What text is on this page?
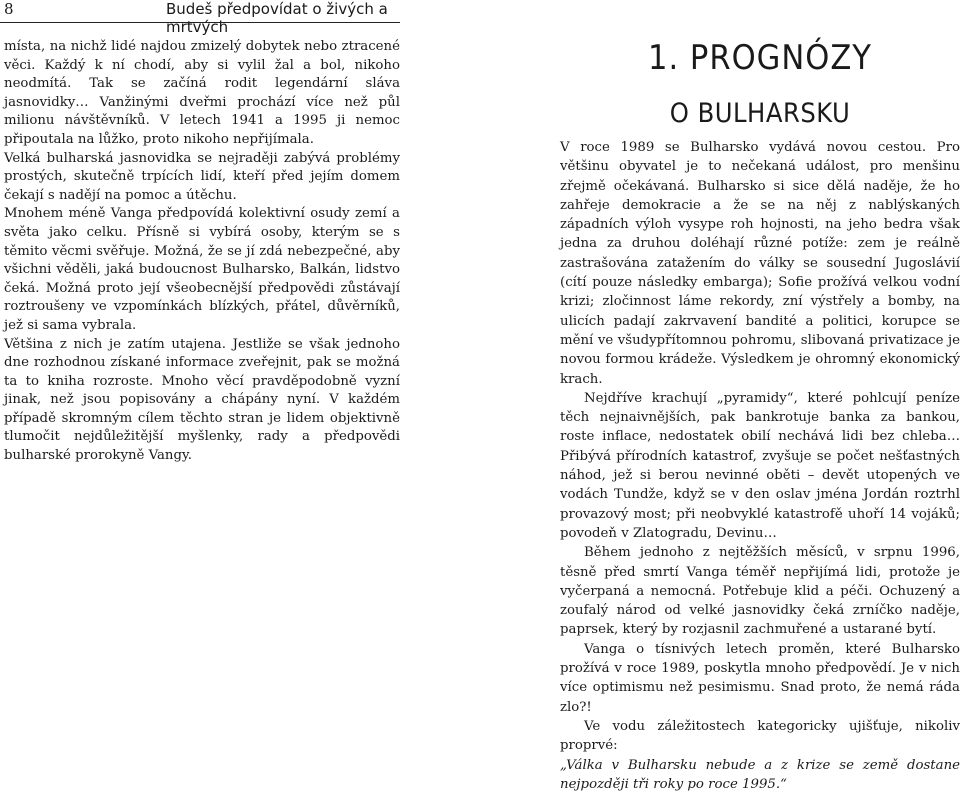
8	Budeš předpovídat o živých a mrtvých

místa, na nichž lidé najdou zmizelý dobytek nebo ztracené věci. Každý k ní chodí, aby si vylil žal a bol, nikoho neodmítá. Tak se začíná rodit legendární sláva jasnovidky… Vanžinými dveřmi prochází více než půl milionu návštěvníků. V letech 1941 a 1995 ji nemoc připoutala na lůžko, proto nikoho nepřijímala.

Velká bulharská jasnovidka se nejraději zabývá problémy prostých, skutečně trpících lidí, kteří před jejím domem čekají s nadějí na pomoc a útěchu.

Mnohem méně Vanga předpovídá kolektivní osudy zemí a světa jako celku. Přísně si vybírá osoby, kterým se s těmito věcmi svěřuje. Možná, že se jí zdá nebezpečné, aby všichni věděli, jaká budoucnost Bulharsko, Balkán, lidstvo čeká. Možná proto její všeobecnější předpovědi zůstávají roztroušeny ve vzpomínkách blízkých, přátel, důvěrníků, jež si sama vybrala.

Většina z nich je zatím utajena. Jestliže se však jednoho dne rozhodnou získané informace zveřejnit, pak se možná ta to kniha rozroste. Mnoho věcí pravděpodobně vyzní jinak, než jsou popisovány a chápány nyní. V každém případě skromným cílem těchto stran je lidem objektivně tlumočit nejdůležitější myšlenky, rady a předpovědi bulharské prorokyně Vangy.

1. PROGNÓZY
O BULHARSKU

V roce 1989 se Bulharsko vydává novou cestou. Pro většinu obyvatel je to nečekaná událost, pro menšinu zřejmě očekávaná. Bulharsko si sice dělá naděje, že ho zahřeje demokracie a že se na něj z nablýskaných západních výloh vysype roh hojnosti, na jeho bedra však jedna za druhou doléhají různé potíže: zem je reálně zastrašována zatažením do války se sousední Jugoslávií (cítí pouze následky embarga); Sofie prožívá velkou vodní krizi; zločinnost láme rekordy, zní výstřely a bomby, na ulicích padají zakrvavení bandité a politici, korupce se mění ve všudypřítomnou pohromu, slibovaná privatizace je novou formou krádeže. Výsledkem je ohromný ekonomický krach.

Nejdříve krachují „pyramidy“, které pohlcují peníze těch nejnaivnějších, pak bankrotuje banka za bankou, roste inflace, nedostatek obilí nechává lidi bez chleba… Přibývá přírodních katastrof, zvyšuje se počet nešťastných náhod, jež si berou nevinné oběti – devět utopených ve vodách Tundže, když se v den oslav jména Jordán roztrhl provazový most; při neobvyklé katastrofě uhoří 14 vojáků; povodeň v Zlatogradu, Devinu…

Během jednoho z nejtěžších měsíců, v srpnu 1996, těsně před smrtí Vanga téměř nepřijímá lidi, protože je vyčerpaná a nemocná. Potřebuje klid a péči. Ochuzený a zoufalý národ od velké jasnovidky čeká zrníčko naděje, paprsek, který by rozjasnil zachmuřené a ustarané bytí.

Vanga o tísnivých letech proměn, které Bulharsko prožívá v roce 1989, poskytla mnoho předpovědí. Je v nich více optimismu než pesimismu. Snad proto, že nemá ráda zlo?!

Ve vodu záležitostech kategoricky ujišťuje, nikoliv proprvé:

„Válka v Bulharsku nebude a z krize se země dostane nejpozději tři roky po roce 1995.“
